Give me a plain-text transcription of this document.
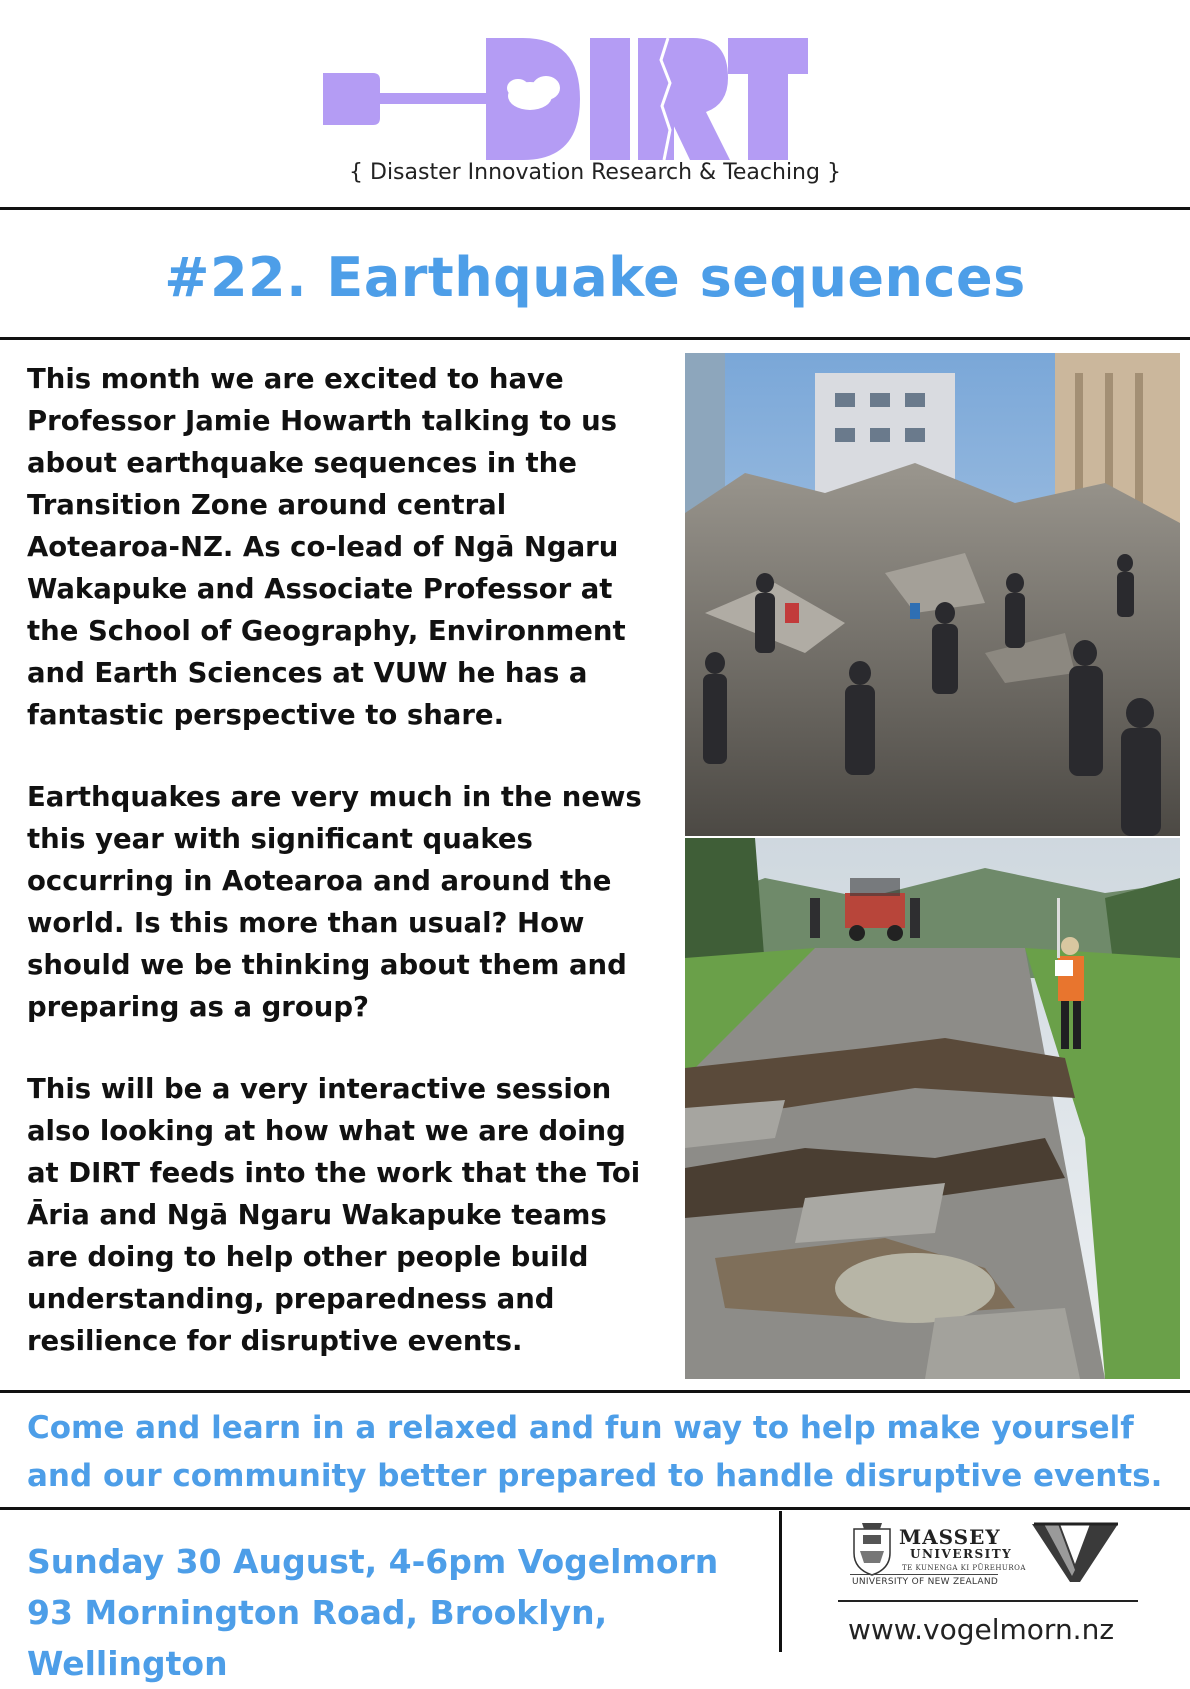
{ Disaster Innovation Research & Teaching }
#22. Earthquake sequences

This month we are excited to have Professor Jamie Howarth talking to us about earthquake sequences in the Transition Zone around central Aotearoa-NZ. As co-lead of Ngā Ngaru Wakapuke and Associate Professor at the School of Geography, Environment and Earth Sciences at VUW he has a fantastic perspective to share.

Earthquakes are very much in the news this year with significant quakes occurring in Aotearoa and around the world. Is this more than usual? How should we be thinking about them and preparing as a group?

This will be a very interactive session also looking at how what we are doing at DIRT feeds into the work that the Toi Āria and Ngā Ngaru Wakapuke teams are doing to help other people build understanding, preparedness and resilience for disruptive events.

Come and learn in a relaxed and fun way to help make yourself and our community better prepared to handle disruptive events.
Sunday 30 August, 4-6pm Vogelmorn
93 Mornington Road, Brooklyn, Wellington
MASSEY
UNIVERSITY
TE KUNENGA KI PŪREHUROA
UNIVERSITY OF NEW ZEALAND
www.vogelmorn.nz
